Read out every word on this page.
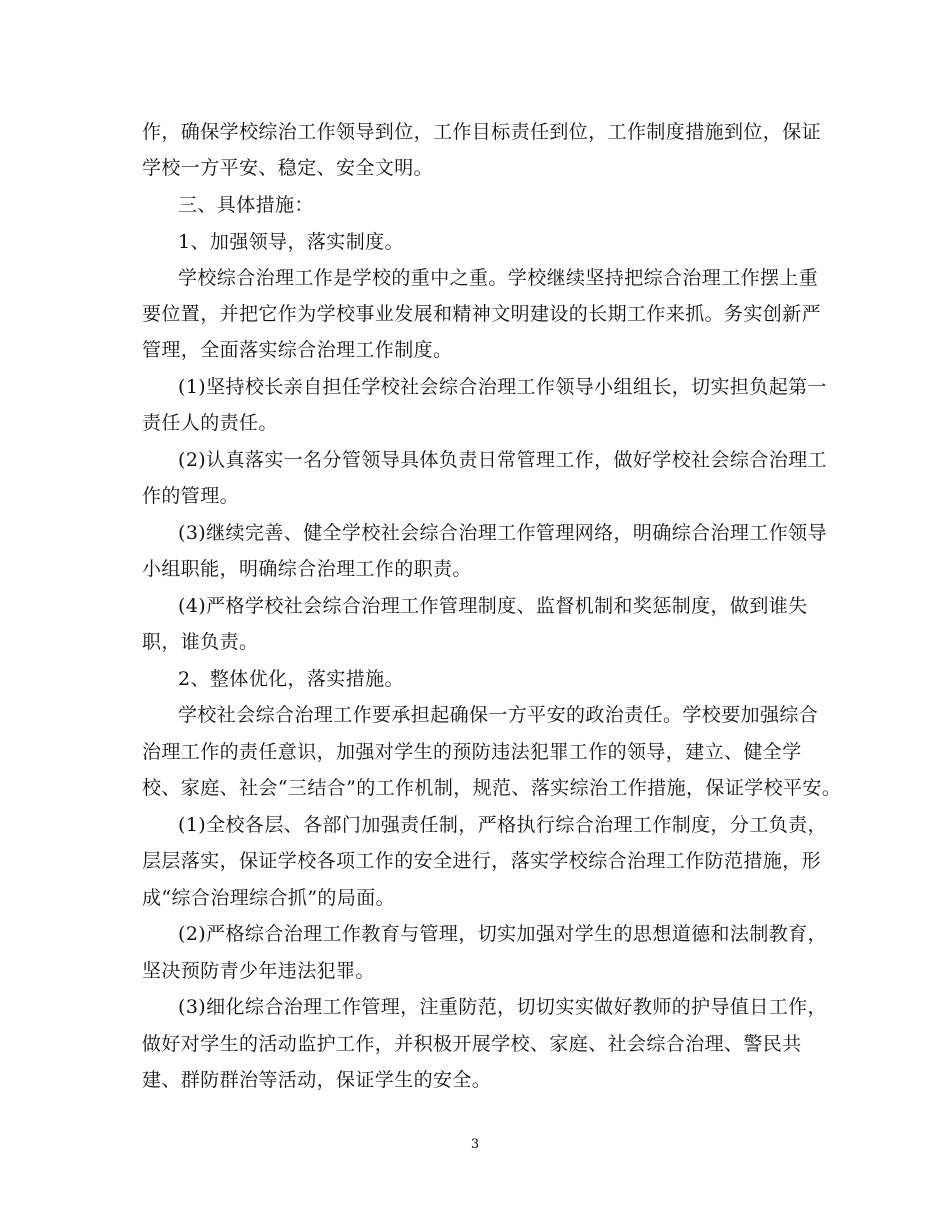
作，确保学校综治工作领导到位，工作目标责任到位，工作制度措施到位，保证
学校一方平安、稳定、安全文明。
三、具体措施：
1、加强领导，落实制度。
学校综合治理工作是学校的重中之重。学校继续坚持把综合治理工作摆上重
要位置，并把它作为学校事业发展和精神文明建设的长期工作来抓。务实创新严
管理，全面落实综合治理工作制度。
(1)坚持校长亲自担任学校社会综合治理工作领导小组组长，切实担负起第一
责任人的责任。
(2)认真落实一名分管领导具体负责日常管理工作，做好学校社会综合治理工
作的管理。
(3)继续完善、健全学校社会综合治理工作管理网络，明确综合治理工作领导
小组职能，明确综合治理工作的职责。
(4)严格学校社会综合治理工作管理制度、监督机制和奖惩制度，做到谁失
职，谁负责。
2、整体优化，落实措施。
学校社会综合治理工作要承担起确保一方平安的政治责任。学校要加强综合
治理工作的责任意识，加强对学生的预防违法犯罪工作的领导，建立、健全学
校、家庭、社会“三结合”的工作机制，规范、落实综治工作措施，保证学校平安。
(1)全校各层、各部门加强责任制，严格执行综合治理工作制度，分工负责，
层层落实，保证学校各项工作的安全进行，落实学校综合治理工作防范措施，形
成“综合治理综合抓”的局面。
(2)严格综合治理工作教育与管理，切实加强对学生的思想道德和法制教育，
坚决预防青少年违法犯罪。
(3)细化综合治理工作管理，注重防范，切切实实做好教师的护导值日工作，
做好对学生的活动监护工作，并积极开展学校、家庭、社会综合治理、警民共
建、群防群治等活动，保证学生的安全。
3
